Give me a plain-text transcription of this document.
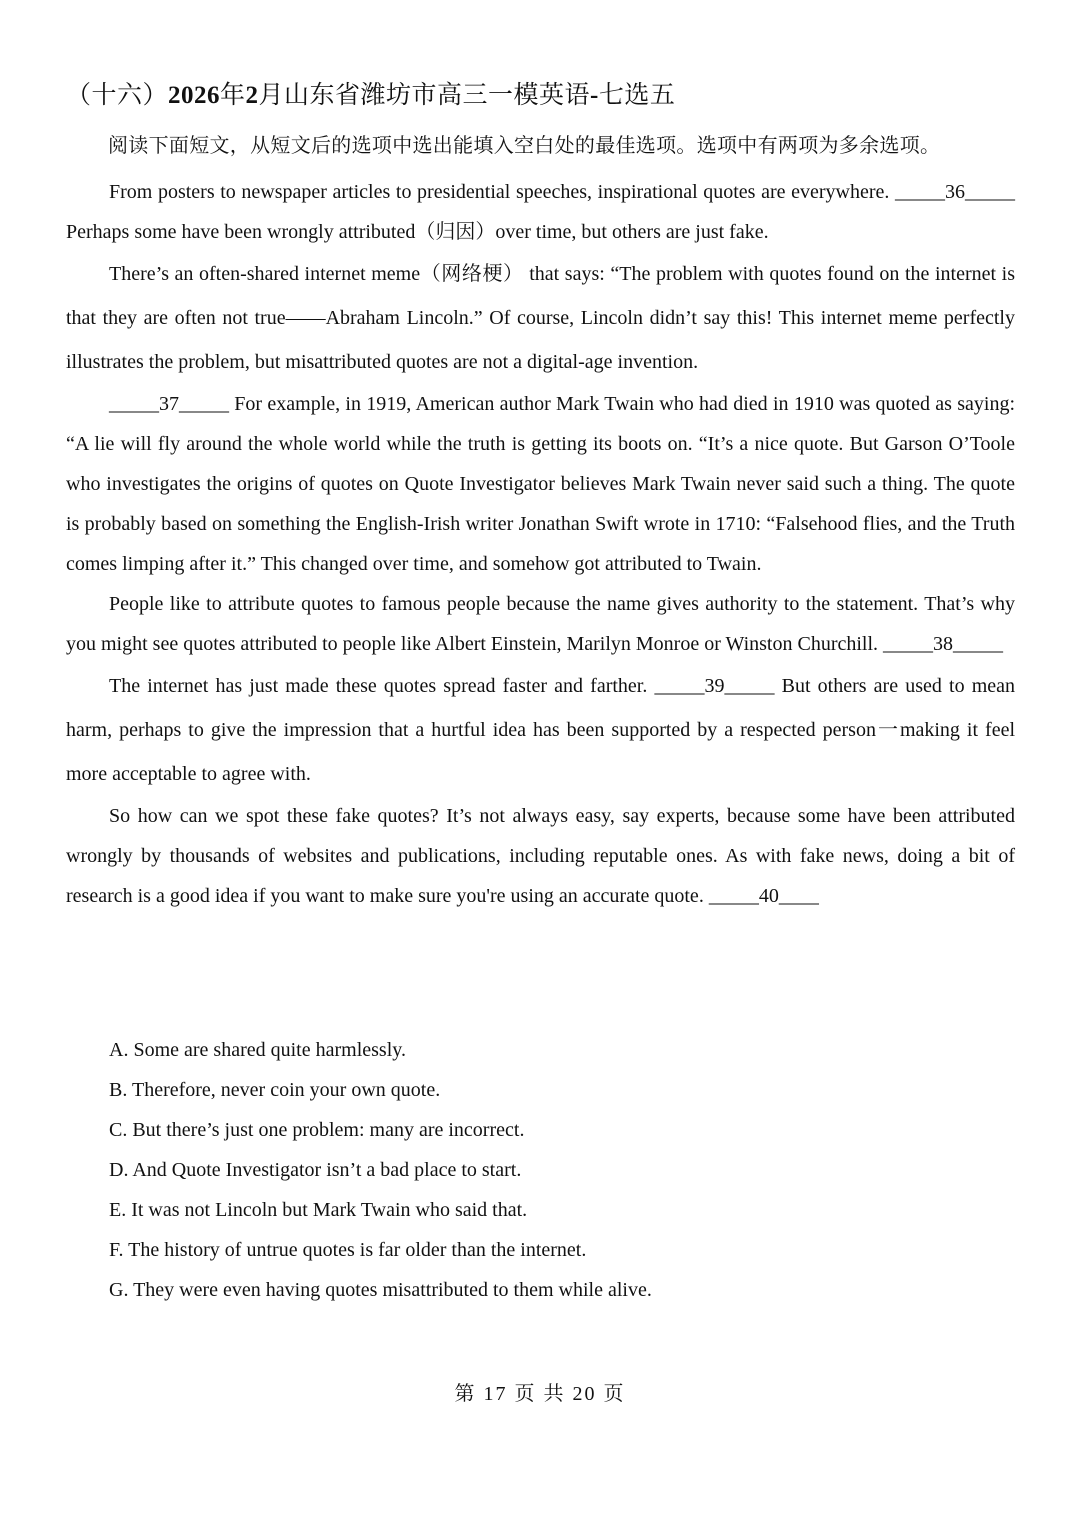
（十六）2026年2月山东省潍坊市高三一模英语-七选五
阅读下面短文，从短文后的选项中选出能填入空白处的最佳选项。选项中有两项为多余选项。

From posters to newspaper articles to presidential speeches, inspirational quotes are everywhere. _____36_____ Perhaps some have been wrongly attributed（归因）over time, but others are just fake.

There’s an often-shared internet meme（网络梗） that says: “The problem with quotes found on the internet is that they are often not true——Abraham Lincoln.” Of course, Lincoln didn’t say this! This internet meme perfectly illustrates the problem, but misattributed quotes are not a digital-age invention.

_____37_____ For example, in 1919, American author Mark Twain who had died in 1910 was quoted as saying: “A lie will fly around the whole world while the truth is getting its boots on. “It’s a nice quote. But Garson O’Toole who investigates the origins of quotes on Quote Investigator believes Mark Twain never said such a thing. The quote is probably based on something the English-Irish writer Jonathan Swift wrote in 1710: “Falsehood flies, and the Truth comes limping after it.” This changed over time, and somehow got attributed to Twain.

People like to attribute quotes to famous people because the name gives authority to the statement. That’s why you might see quotes attributed to people like Albert Einstein, Marilyn Monroe or Winston Churchill. _____38_____

The internet has just made these quotes spread faster and farther. _____39_____ But others are used to mean harm, perhaps to give the impression that a hurtful idea has been supported by a respected person一making it feel more acceptable to agree with.

So how can we spot these fake quotes? It’s not always easy, say experts, because some have been attributed wrongly by thousands of websites and publications, including reputable ones. As with fake news, doing a bit of research is a good idea if you want to make sure you're using an accurate quote. _____40____

A. Some are shared quite harmlessly.
B. Therefore, never coin your own quote.
C. But there’s just one problem: many are incorrect.
D. And Quote Investigator isn’t a bad place to start.
E. It was not Lincoln but Mark Twain who said that.
F. The history of untrue quotes is far older than the internet.
G. They were even having quotes misattributed to them while alive.
第 17 页 共 20 页
